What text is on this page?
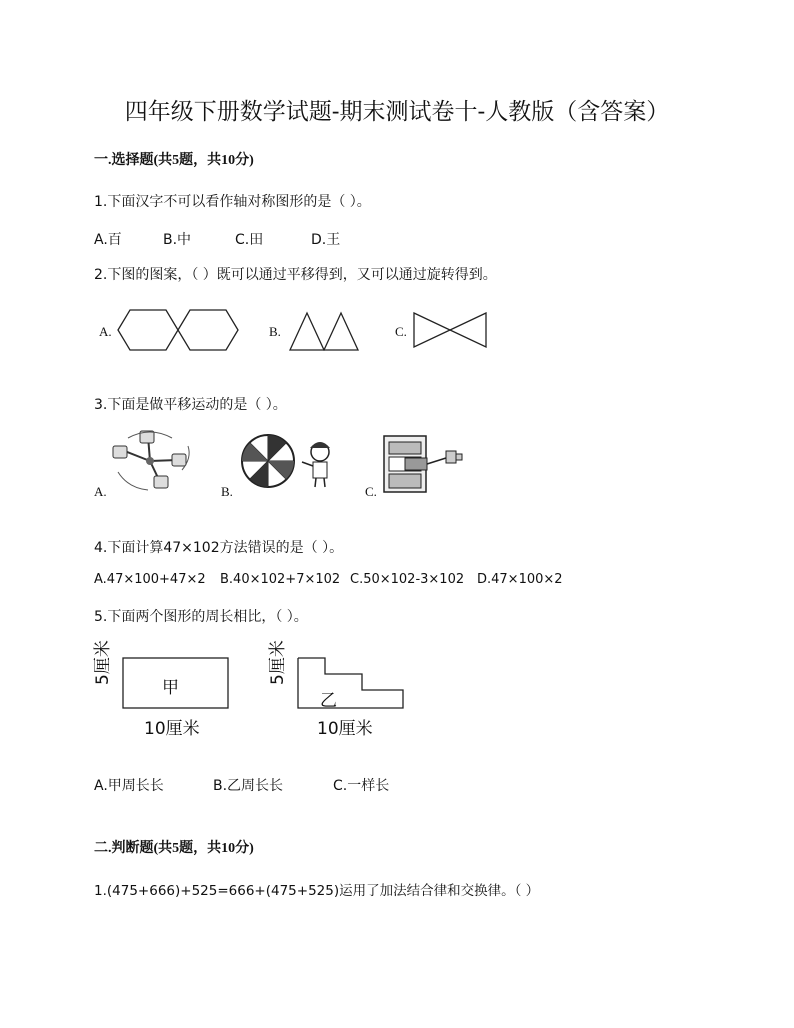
四年级下册数学试题-期末测试卷十-人教版（含答案）
一.选择题(共5题，共10分)
1.下面汉字不可以看作轴对称图形的是（ ）。
A.百	B.中	C.田	D.王
2.下图的图案，（ ）既可以通过平移得到，又可以通过旋转得到。
A.	B.	C.
3.下面是做平移运动的是（ ）。
A.	B.	C.
4.下面计算47×102方法错误的是（ ）。
A.47×100+47×2 B.40×102+7×102 C.50×102-3×102 D.47×100×2
5.下面两个图形的周长相比，（ ）。
甲
5厘米
10厘米
乙
5厘米
10厘米
A.甲周长长	B.乙周长长	C.一样长
二.判断题(共5题，共10分)
1.(475+666)+525=666+(475+525)运用了加法结合律和交换律。（ ）
